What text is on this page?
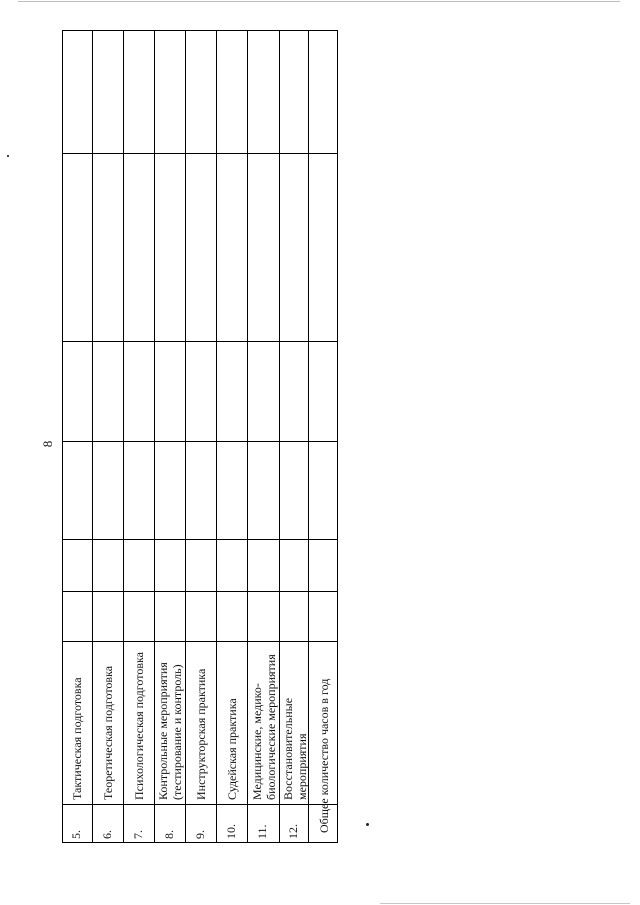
8
5. 6. 7. 8. 9. 10. 11. 12.
Тактическая подготовка Теоретическая подготовка Психологическая подготовка Контрольные мероприятия (тестирование и контроль) Инструкторская практика Судейская практика Медицинские, медико- биологические мероприятия Восстановительные мероприятия Общее количество часов в год
